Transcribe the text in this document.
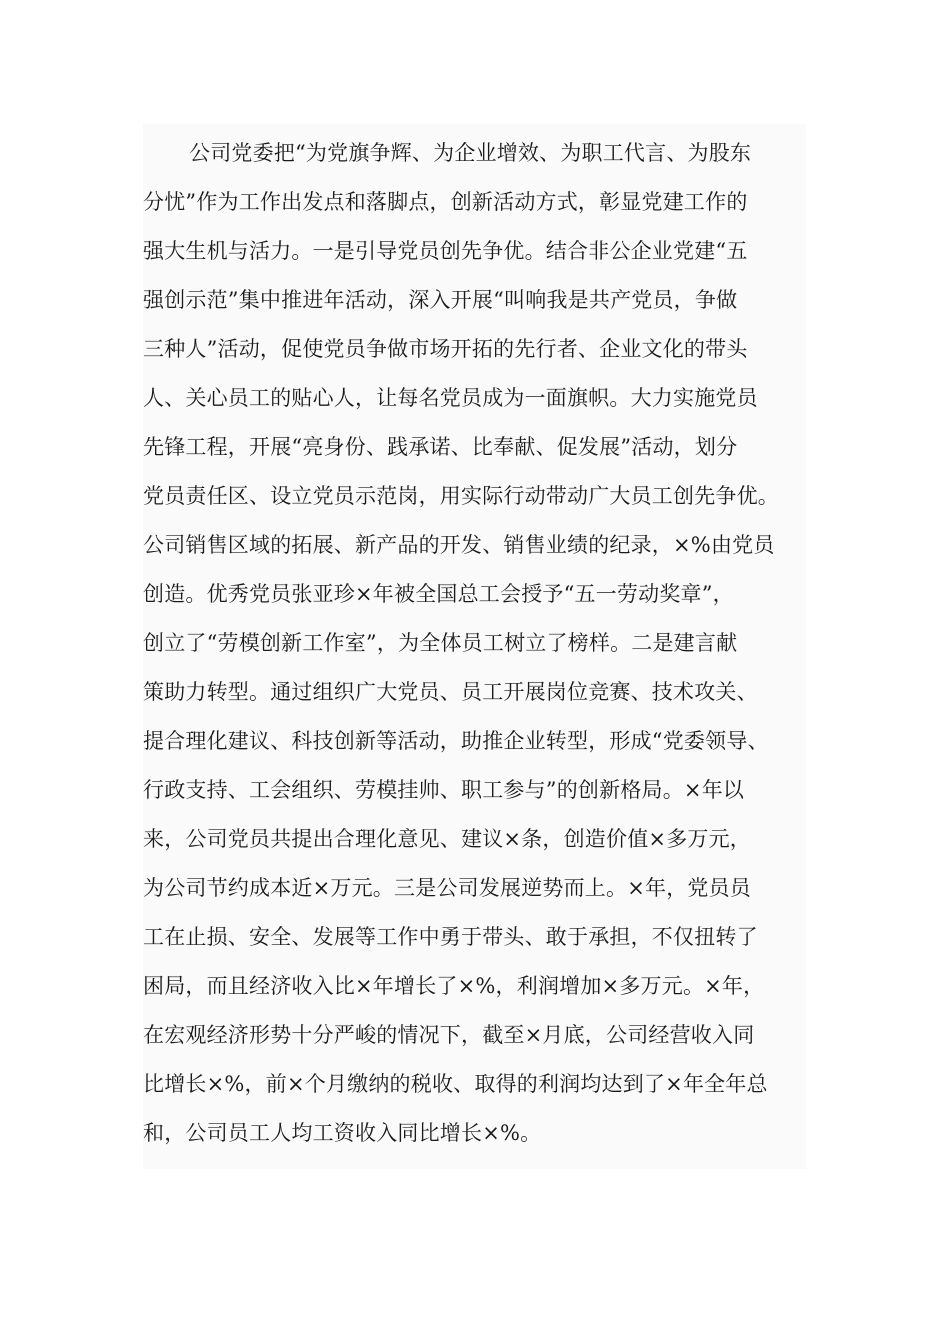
公司党委把“为党旗争辉、为企业增效、为职工代言、为股东
分忧”作为工作出发点和落脚点，创新活动方式，彰显党建工作的
强大生机与活力。一是引导党员创先争优。结合非公企业党建“五
强创示范”集中推进年活动，深入开展“叫响我是共产党员，争做
三种人”活动，促使党员争做市场开拓的先行者、企业文化的带头
人、关心员工的贴心人，让每名党员成为一面旗帜。大力实施党员
先锋工程，开展“亮身份、践承诺、比奉献、促发展”活动，划分
党员责任区、设立党员示范岗，用实际行动带动广大员工创先争优。
公司销售区域的拓展、新产品的开发、销售业绩的纪录，×%由党员
创造。优秀党员张亚珍×年被全国总工会授予“五一劳动奖章”，
创立了“劳模创新工作室”，为全体员工树立了榜样。二是建言献
策助力转型。通过组织广大党员、员工开展岗位竞赛、技术攻关、
提合理化建议、科技创新等活动，助推企业转型，形成“党委领导、
行政支持、工会组织、劳模挂帅、职工参与”的创新格局。×年以
来，公司党员共提出合理化意见、建议×条，创造价值×多万元，
为公司节约成本近×万元。三是公司发展逆势而上。×年，党员员
工在止损、安全、发展等工作中勇于带头、敢于承担，不仅扭转了
困局，而且经济收入比×年增长了×%，利润增加×多万元。×年，
在宏观经济形势十分严峻的情况下，截至×月底，公司经营收入同
比增长×%，前×个月缴纳的税收、取得的利润均达到了×年全年总
和，公司员工人均工资收入同比增长×%。
